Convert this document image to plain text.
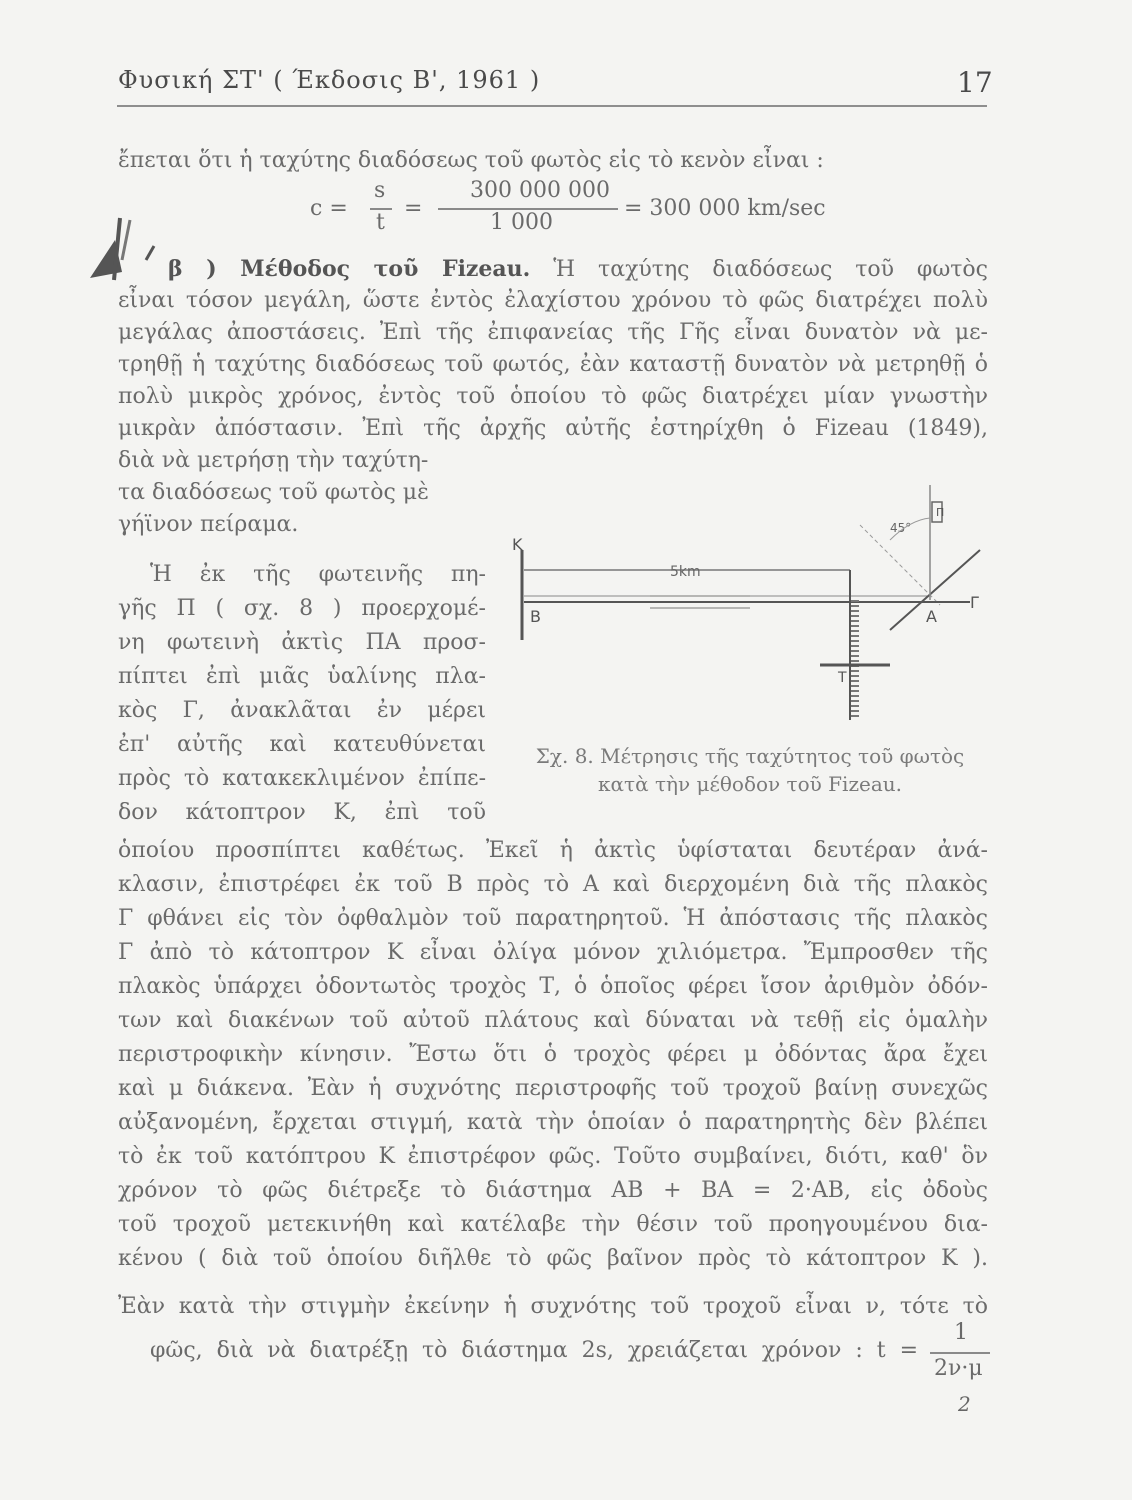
Φυσική ΣΤ' ( Έκδοσις Β', 1961 )	17
ἔπεται ὅτι ἡ ταχύτης διαδόσεως τοῦ φωτὸς εἰς τὸ κενὸν εἶναι :
c =
s
t
=
300 000 000
1 000
= 300 000 km/sec
β ) Μέθοδος τοῦ Fizeau. Ἡ ταχύτης διαδόσεως τοῦ φωτὸς
εἶναι τόσον μεγάλη, ὥστε ἐντὸς ἐλαχίστου χρόνου τὸ φῶς διατρέχει πολὺ
μεγάλας ἀποστάσεις. Ἐπὶ τῆς ἐπιφανείας τῆς Γῆς εἶναι δυνατὸν νὰ με-
τρηθῇ ἡ ταχύτης διαδόσεως τοῦ φωτός, ἐὰν καταστῇ δυνατὸν νὰ μετρηθῇ ὁ
πολὺ μικρὸς χρόνος, ἐντὸς τοῦ ὁποίου τὸ φῶς διατρέχει μίαν γνωστὴν
μικρὰν ἀπόστασιν. Ἐπὶ τῆς ἀρχῆς αὐτῆς ἐστηρίχθη ὁ Fizeau (1849),
διὰ νὰ μετρήσῃ τὴν ταχύτη-
τα διαδόσεως τοῦ φωτὸς μὲ
γήϊνον πείραμα.
Ἡ ἐκ τῆς φωτεινῆς πη-
γῆς Π ( σχ. 8 ) προερχομέ-
νη φωτεινὴ ἀκτὶς ΠΑ προσ-
πίπτει ἐπὶ μιᾶς ὑαλίνης πλα-
κὸς Γ, ἀνακλᾶται ἐν μέρει
ἐπ' αὐτῆς καὶ κατευθύνεται
πρὸς τὸ κατακεκλιμένον ἐπίπε-
δον κάτοπτρον Κ, ἐπὶ τοῦ
Κ
Β
5km
Τ
Α
Γ
Π
45°
Σχ. 8. Μέτρησις τῆς ταχύτητος τοῦ φωτὸς
κατὰ τὴν μέθοδον τοῦ Fizeau.
ὁποίου προσπίπτει καθέτως. Ἐκεῖ ἡ ἀκτὶς ὑφίσταται δευτέραν ἀνά-
κλασιν, ἐπιστρέφει ἐκ τοῦ Β πρὸς τὸ Α καὶ διερχομένη διὰ τῆς πλακὸς
Γ φθάνει εἰς τὸν ὀφθαλμὸν τοῦ παρατηρητοῦ. Ἡ ἀπόστασις τῆς πλακὸς
Γ ἀπὸ τὸ κάτοπτρον Κ εἶναι ὀλίγα μόνον χιλιόμετρα. Ἔμπροσθεν τῆς
πλακὸς ὑπάρχει ὀδοντωτὸς τροχὸς Τ, ὁ ὁποῖος φέρει ἴσον ἀριθμὸν ὀδόν-
των καὶ διακένων τοῦ αὐτοῦ πλάτους καὶ δύναται νὰ τεθῇ εἰς ὁμαλὴν
περιστροφικὴν κίνησιν. Ἔστω ὅτι ὁ τροχὸς φέρει μ ὀδόντας ἄρα ἔχει
καὶ μ διάκενα. Ἐὰν ἡ συχνότης περιστροφῆς τοῦ τροχοῦ βαίνῃ συνεχῶς
αὐξανομένη, ἔρχεται στιγμή, κατὰ τὴν ὁποίαν ὁ παρατηρητὴς δὲν βλέπει
τὸ ἐκ τοῦ κατόπτρου Κ ἐπιστρέφον φῶς. Τοῦτο συμβαίνει, διότι, καθ' ὃν
χρόνον τὸ φῶς διέτρεξε τὸ διάστημα ΑΒ + ΒΑ = 2·ΑΒ, εἰς ὀδοὺς
τοῦ τροχοῦ μετεκινήθη καὶ κατέλαβε τὴν θέσιν τοῦ προηγουμένου δια-
κένου ( διὰ τοῦ ὁποίου διῆλθε τὸ φῶς βαῖνον πρὸς τὸ κάτοπτρον Κ ).
Ἐὰν κατὰ τὴν στιγμὴν ἐκείνην ἡ συχνότης τοῦ τροχοῦ εἶναι ν, τότε τὸ
φῶς, διὰ νὰ διατρέξῃ τὸ διάστημα 2s, χρειάζεται χρόνον : t =
1
2ν·μ
2
